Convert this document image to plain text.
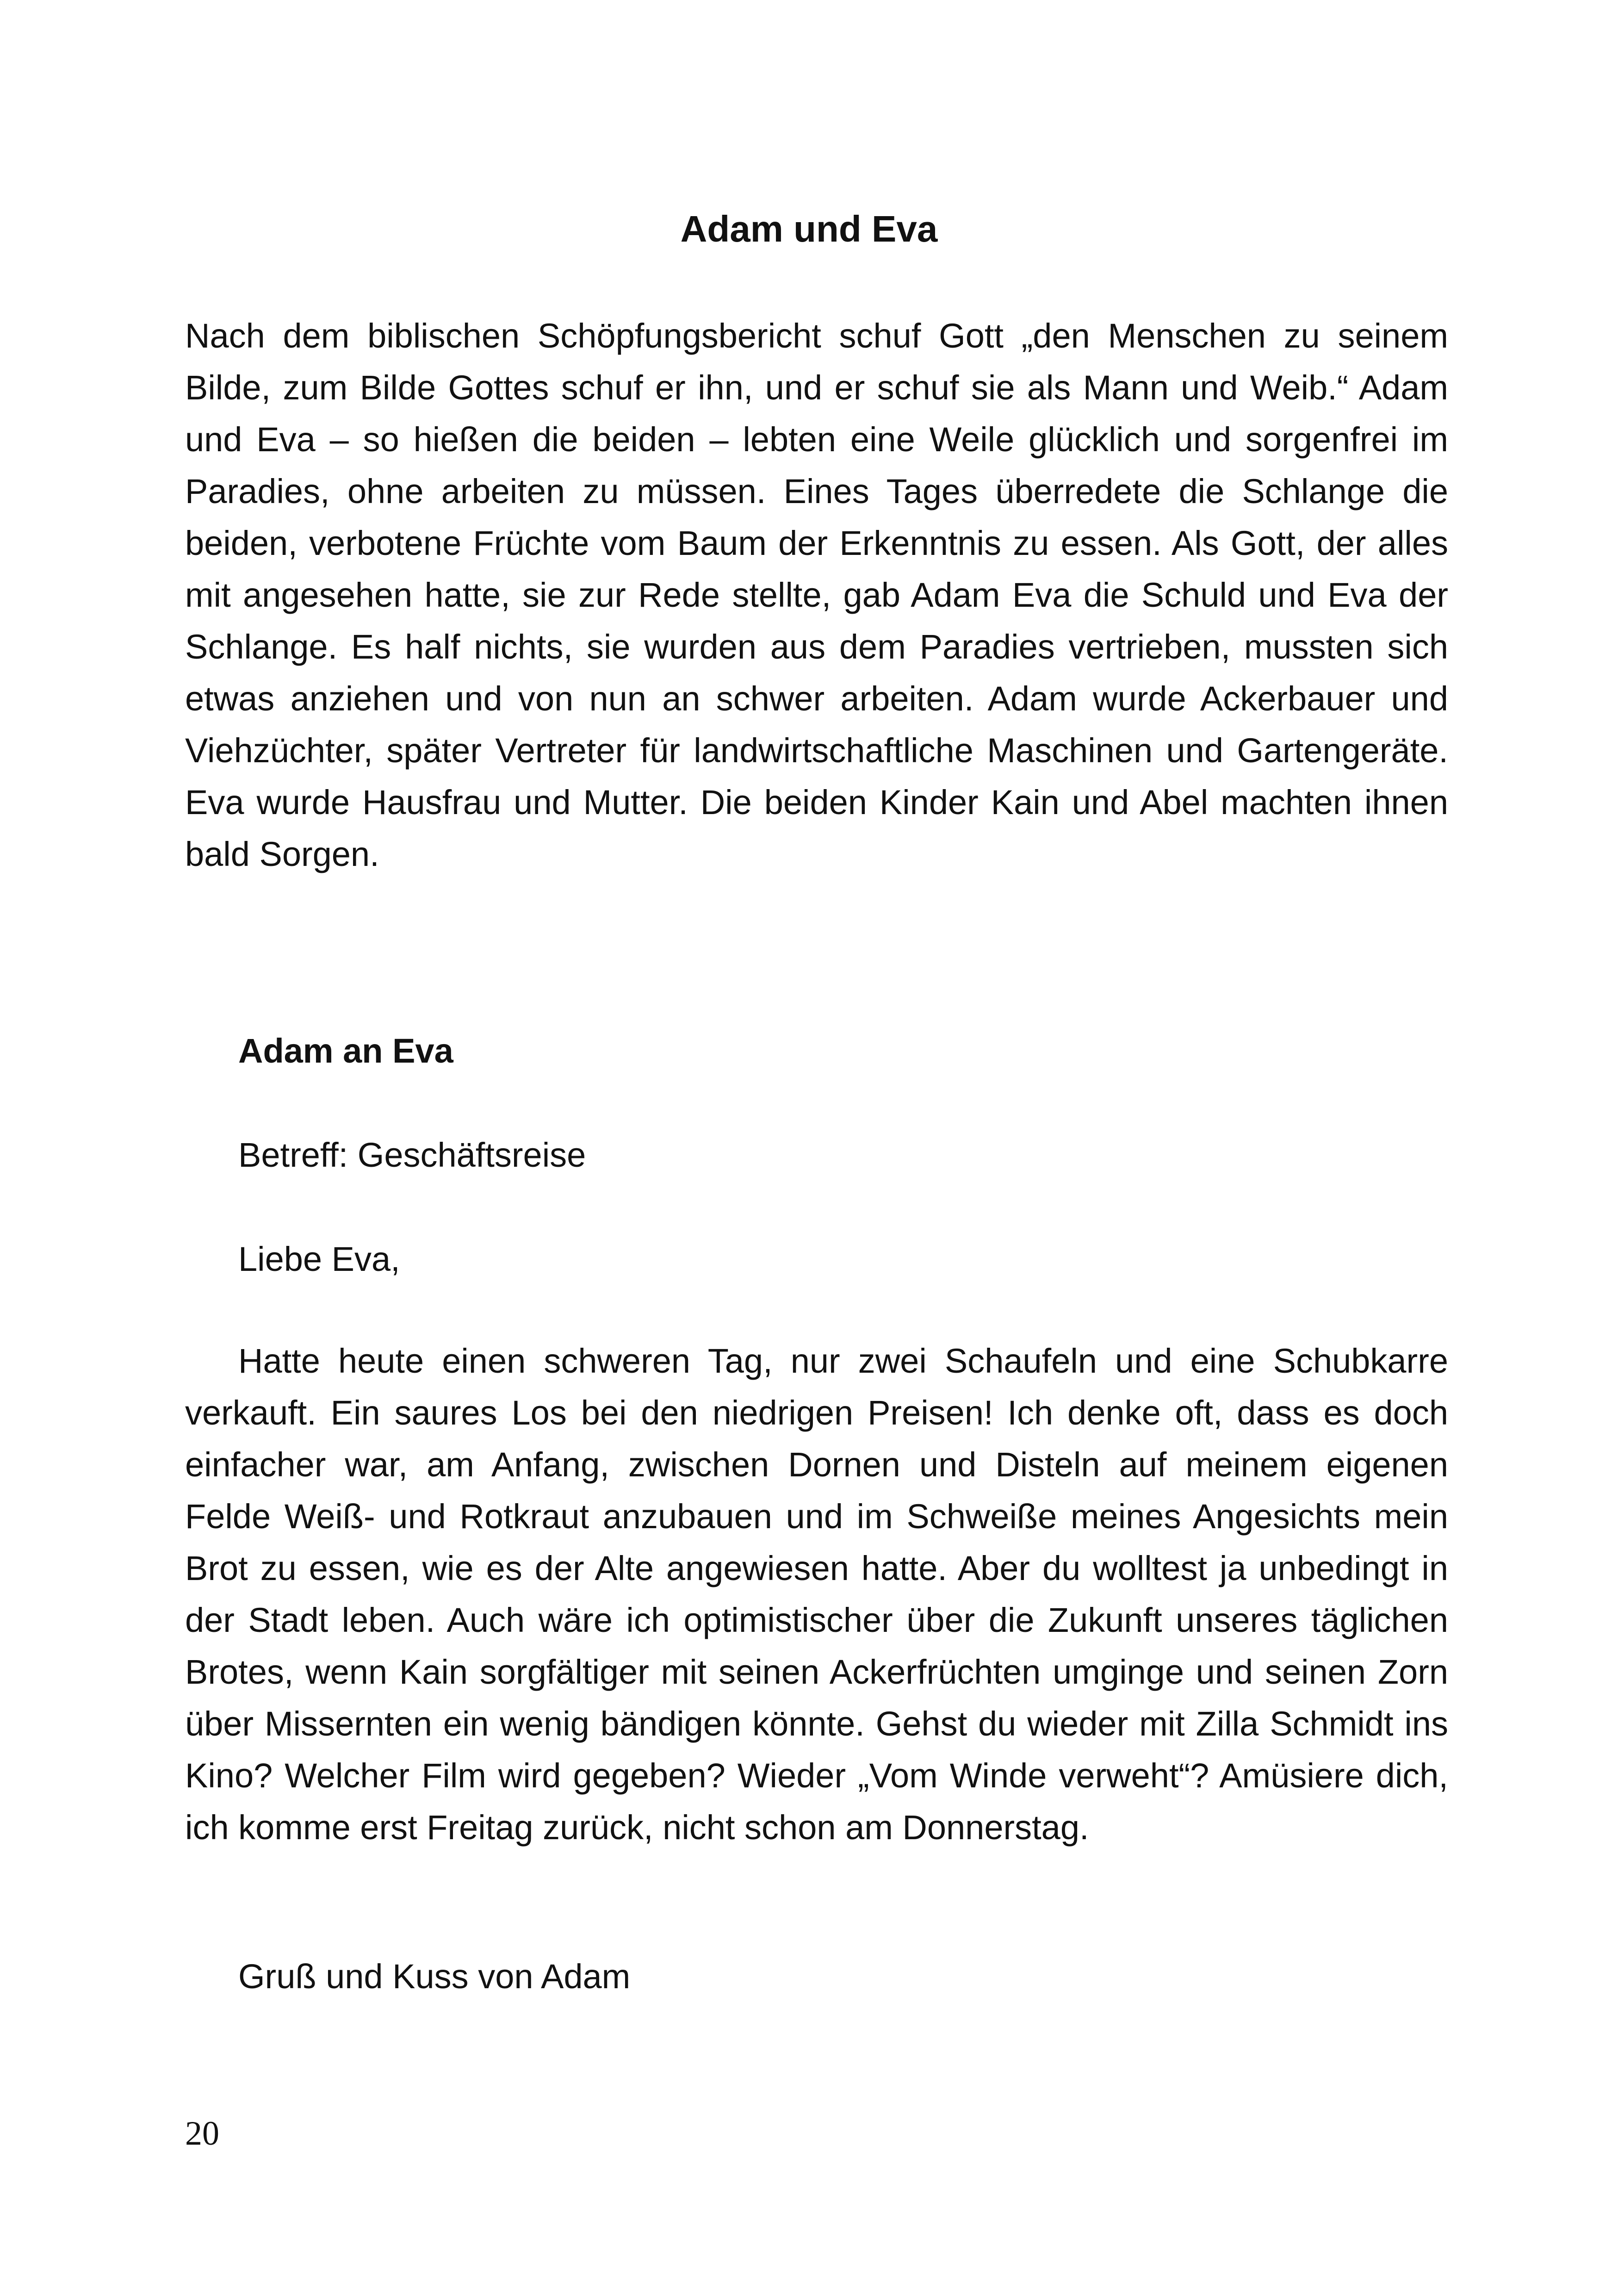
Adam und Eva

Nach dem biblischen Schöpfungsbericht schuf Gott „den Menschen zu seinem Bilde, zum Bilde Gottes schuf er ihn, und er schuf sie als Mann und Weib.“ Adam und Eva – so hießen die beiden – lebten eine Weile glücklich und sorgenfrei im Paradies, ohne arbeiten zu müssen. Eines Tages überredete die Schlange die beiden, verbotene Früchte vom Baum der Erkenntnis zu essen. Als Gott, der alles mit angesehen hatte, sie zur Rede stellte, gab Adam Eva die Schuld und Eva der Schlange. Es half nichts, sie wurden aus dem Paradies vertrieben, mussten sich etwas anziehen und von nun an schwer arbeiten. Adam wurde Ackerbauer und Viehzüchter, später Vertreter für landwirtschaftliche Maschinen und Gartengeräte. Eva wurde Hausfrau und Mutter. Die beiden Kinder Kain und Abel machten ihnen bald Sorgen.

Adam an Eva

Betreff: Geschäftsreise

Liebe Eva,

Hatte heute einen schweren Tag, nur zwei Schaufeln und eine Schubkarre verkauft. Ein saures Los bei den niedrigen Preisen! Ich denke oft, dass es doch einfacher war, am Anfang, zwischen Dornen und Disteln auf meinem eigenen Felde Weiß- und Rotkraut anzubauen und im Schweiße meines Angesichts mein Brot zu essen, wie es der Alte angewiesen hatte. Aber du wolltest ja unbedingt in der Stadt leben. Auch wäre ich optimistischer über die Zukunft unseres täglichen Brotes, wenn Kain sorgfältiger mit seinen Ackerfrüchten umginge und seinen Zorn über Missernten ein wenig bändigen könnte. Gehst du wieder mit Zilla Schmidt ins Kino? Welcher Film wird gegeben? Wieder „Vom Winde verweht“? Amüsiere dich, ich komme erst Freitag zurück, nicht schon am Donnerstag.

Gruß und Kuss von Adam

20
